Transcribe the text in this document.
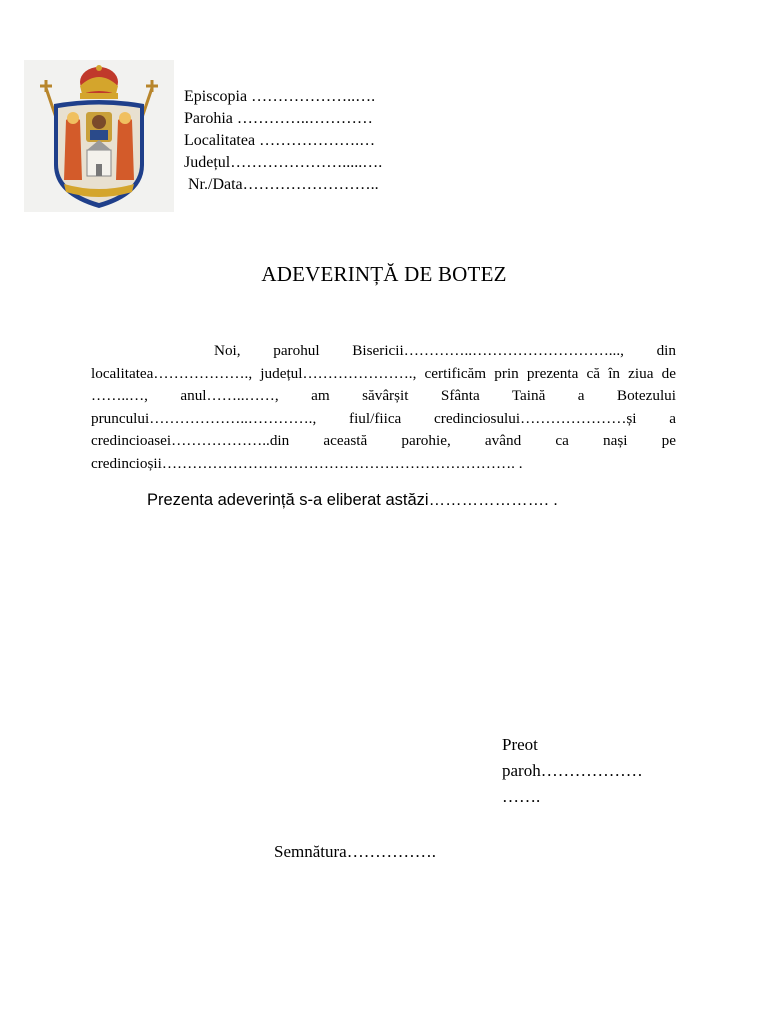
Episcopia ………………..….
Parohia …………..…………
Localitatea ……………….…
Județul………………….....….
Nr./Data……………………..
ADEVERINȚĂ DE BOTEZ
Noi, parohul Bisericii…………..………………………..., din localitatea………………., județul…………………., certificăm prin prezenta că în ziua de ……..…, anul……..……, am săvârșit Sfânta Taină a Botezului pruncului………………..…………., fiul/fiica credinciosului…………………și a credincioasei………………..din această parohie, având ca nași pe credincioșii……………………………………………………………. .
Prezenta adeverință s-a eliberat astăzi…………………. .
Preot
paroh………………
…….
Semnătura…………….
